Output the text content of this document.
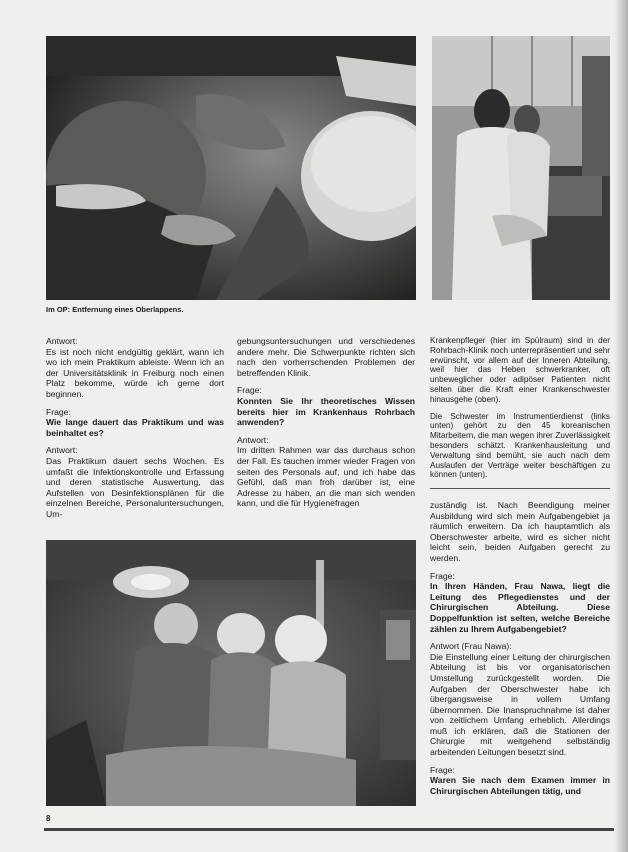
Im OP: Entfernung eines Oberlappens.

Antwort:

Es ist noch nicht endgültig geklärt, wann ich wo ich mein Praktikum ableiste. Wenn ich an der Universitätsklinik in Freiburg noch einen Platz bekomme, würde ich gerne dort beginnen.

Frage:

Wie lange dauert das Praktikum und was beinhaltet es?

Antwort:

Das Praktikum dauert sechs Wochen. Es umfaßt die Infektionskontrolle und Erfassung und deren statistische Auswertung, das Aufstellen von Desinfektionsplänen für die einzelnen Bereiche, Personaluntersuchungen, Um-

gebungsuntersuchungen und verschiedenes andere mehr. Die Schwerpunkte richten sich nach den vorherrschenden Problemen der betreffenden Klinik.

Frage:

Konnten Sie Ihr theoretisches Wissen bereits hier im Krankenhaus Rohrbach anwenden?

Antwort:

Im dritten Rahmen war das durchaus schon der Fall. Es tauchen immer wieder Fragen von seiten des Personals auf, und ich habe das Gefühl, daß man froh darüber ist, eine Adresse zu haben, an die man sich wenden kann, und die für Hygienefragen

Krankenpfleger (hier im Spülraum) sind in der Rohrbach-Klinik noch unterrepräsentiert und sehr erwünscht, vor allem auf der Inneren Abteilung, weil hier das Heben schwerkranker, oft unbeweglicher oder adipöser Patienten nicht selten über die Kraft einer Krankenschwester hinausgehe (oben).

Die Schwester im Instrumentierdienst (links unten) gehört zu den 45 koreanischen Mitarbeitern, die man wegen ihrer Zuverlässigkeit besonders schätzt. Krankenhausleitung und Verwaltung sind bemüht, sie auch nach dem Auslaufen der Verträge weiter beschäftigen zu können (unten).

zuständig ist. Nach Beendigung meiner Ausbildung wird sich mein Aufgabengebiet ja räumlich erweitern. Da ich hauptamtlich als Oberschwester arbeite, wird es sicher nicht leicht sein, beiden Aufgaben gerecht zu werden.

Frage:

In Ihren Händen, Frau Nawa, liegt die Leitung des Pflegedienstes und der Chirurgischen Abteilung. Diese Doppelfunktion ist selten, welche Bereiche zählen zu Ihrem Aufgabengebiet?

Antwort (Frau Nawa):

Die Einstellung einer Leitung der chirurgischen Abteilung ist bis vor organisatorischen Umstellung zurückgestellt worden. Die Aufgaben der Oberschwester habe ich übergangsweise in vollem Umfang übernommen. Die Inanspruchnahme ist daher von zeitlichem Umfang erheblich. Allerdings muß ich erklären, daß die Stationen der Chirurgie mit weitgehend selbständig arbeitenden Leitungen besetzt sind.

Frage:

Waren Sie nach dem Examen immer in Chirurgischen Abteilungen tätig, und

8
